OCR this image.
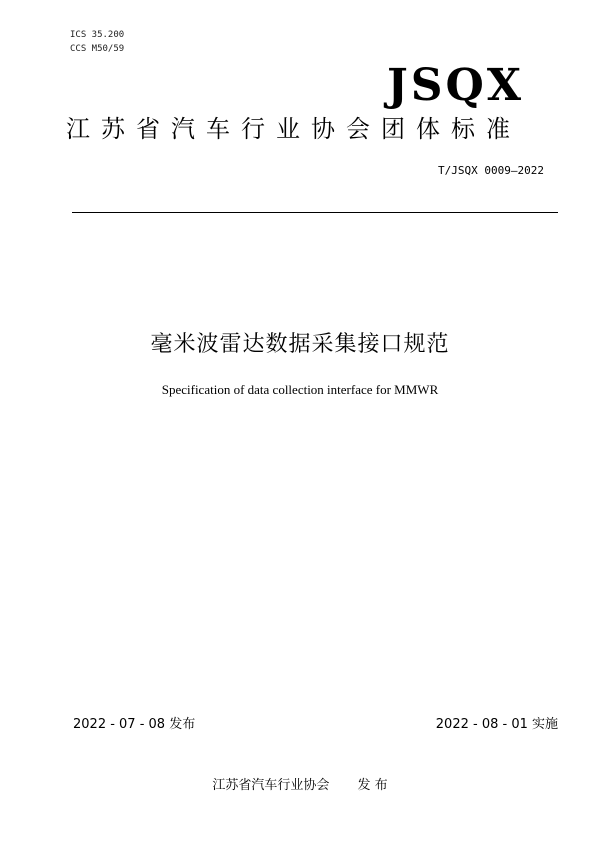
ICS 35.200
CCS M50/59
JSQX
江苏省汽车行业协会团体标准
T/JSQX 0009—2022
毫米波雷达数据采集接口规范
Specification of data collection interface for MMWR
2022 - 07 - 08 发布	2022 - 08 - 01 实施
江苏省汽车行业协会 发 布
